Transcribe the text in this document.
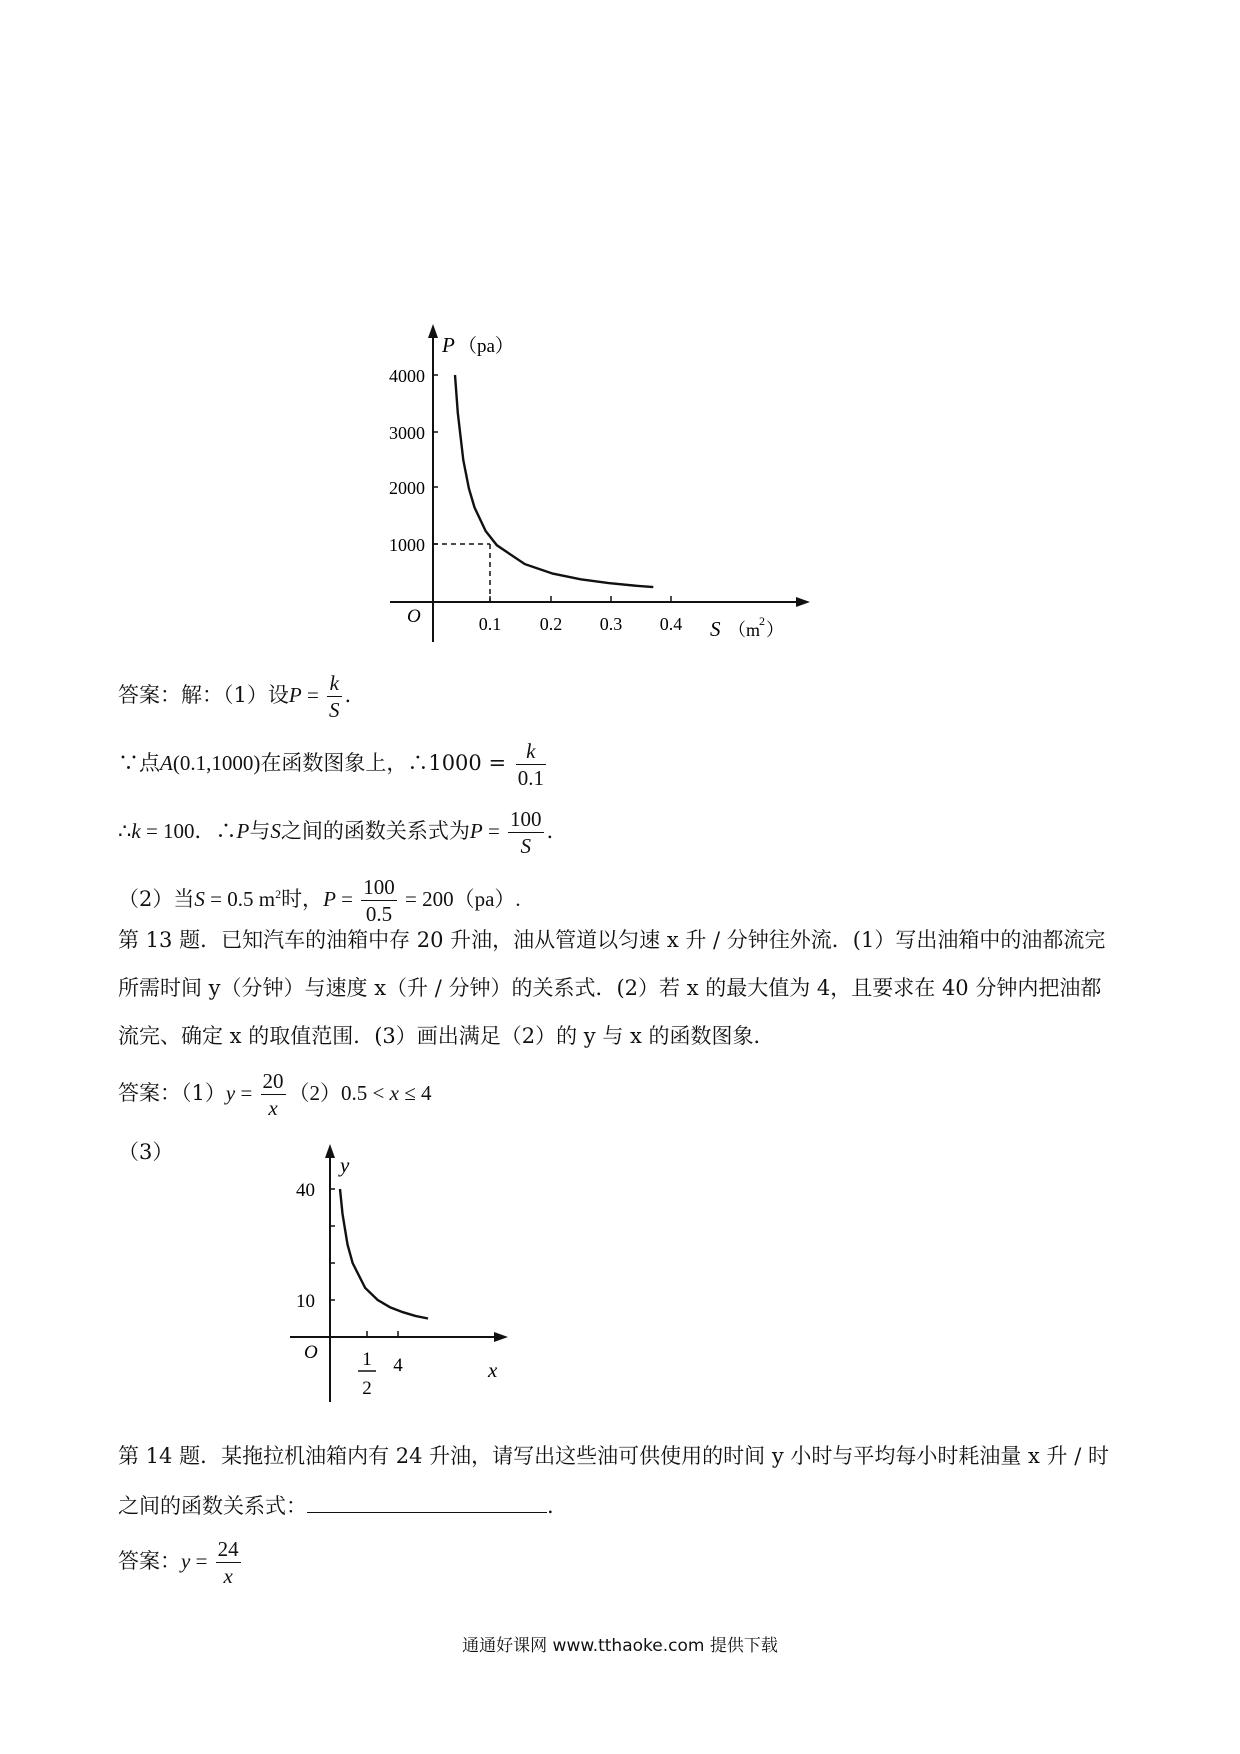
P （pa）
4000
3000
2000
1000
O	0.1 0.2 0.3 0.4 S （m
2 ）
答案：解：（1）设$P = \frac{k}{S}$ .
∵点A(0.1,1000)在函数图象上，∴1000 = $\frac{k}{0.1}$
∴k = 100．∴P与S之间的函数关系式为$P = \frac{100}{S}$ .
（2）当S = 0.5 $m^2$时，$P = \frac{100}{0.5} = 200(pa)$.
第 13 题．已知汽车的油箱中存 20 升油，油从管道以匀速 x 升 / 分钟往外流．(1）写出油箱中的油都流完
所需时间 y（分钟）与速度 x（升 / 分钟）的关系式．(2）若 x 的最大值为 4，且要求在 40 分钟内把油都
流完、确定 x 的取值范围．(3）画出满足（2）的 y 与 x 的函数图象．
答案：$(1)y = \frac{20}{x} (2)0.5 < x \le 4$
（3）
y
40
10
O
x
1
2
4
第 14 题．某拖拉机油箱内有 24 升油，请写出这些油可供使用的时间 y 小时与平均每小时耗油量 x 升 / 时
之间的函数关系式：	.
答案：$y = \frac{24}{x}$
通通好课网 www.tthaoke.com 提供下载
